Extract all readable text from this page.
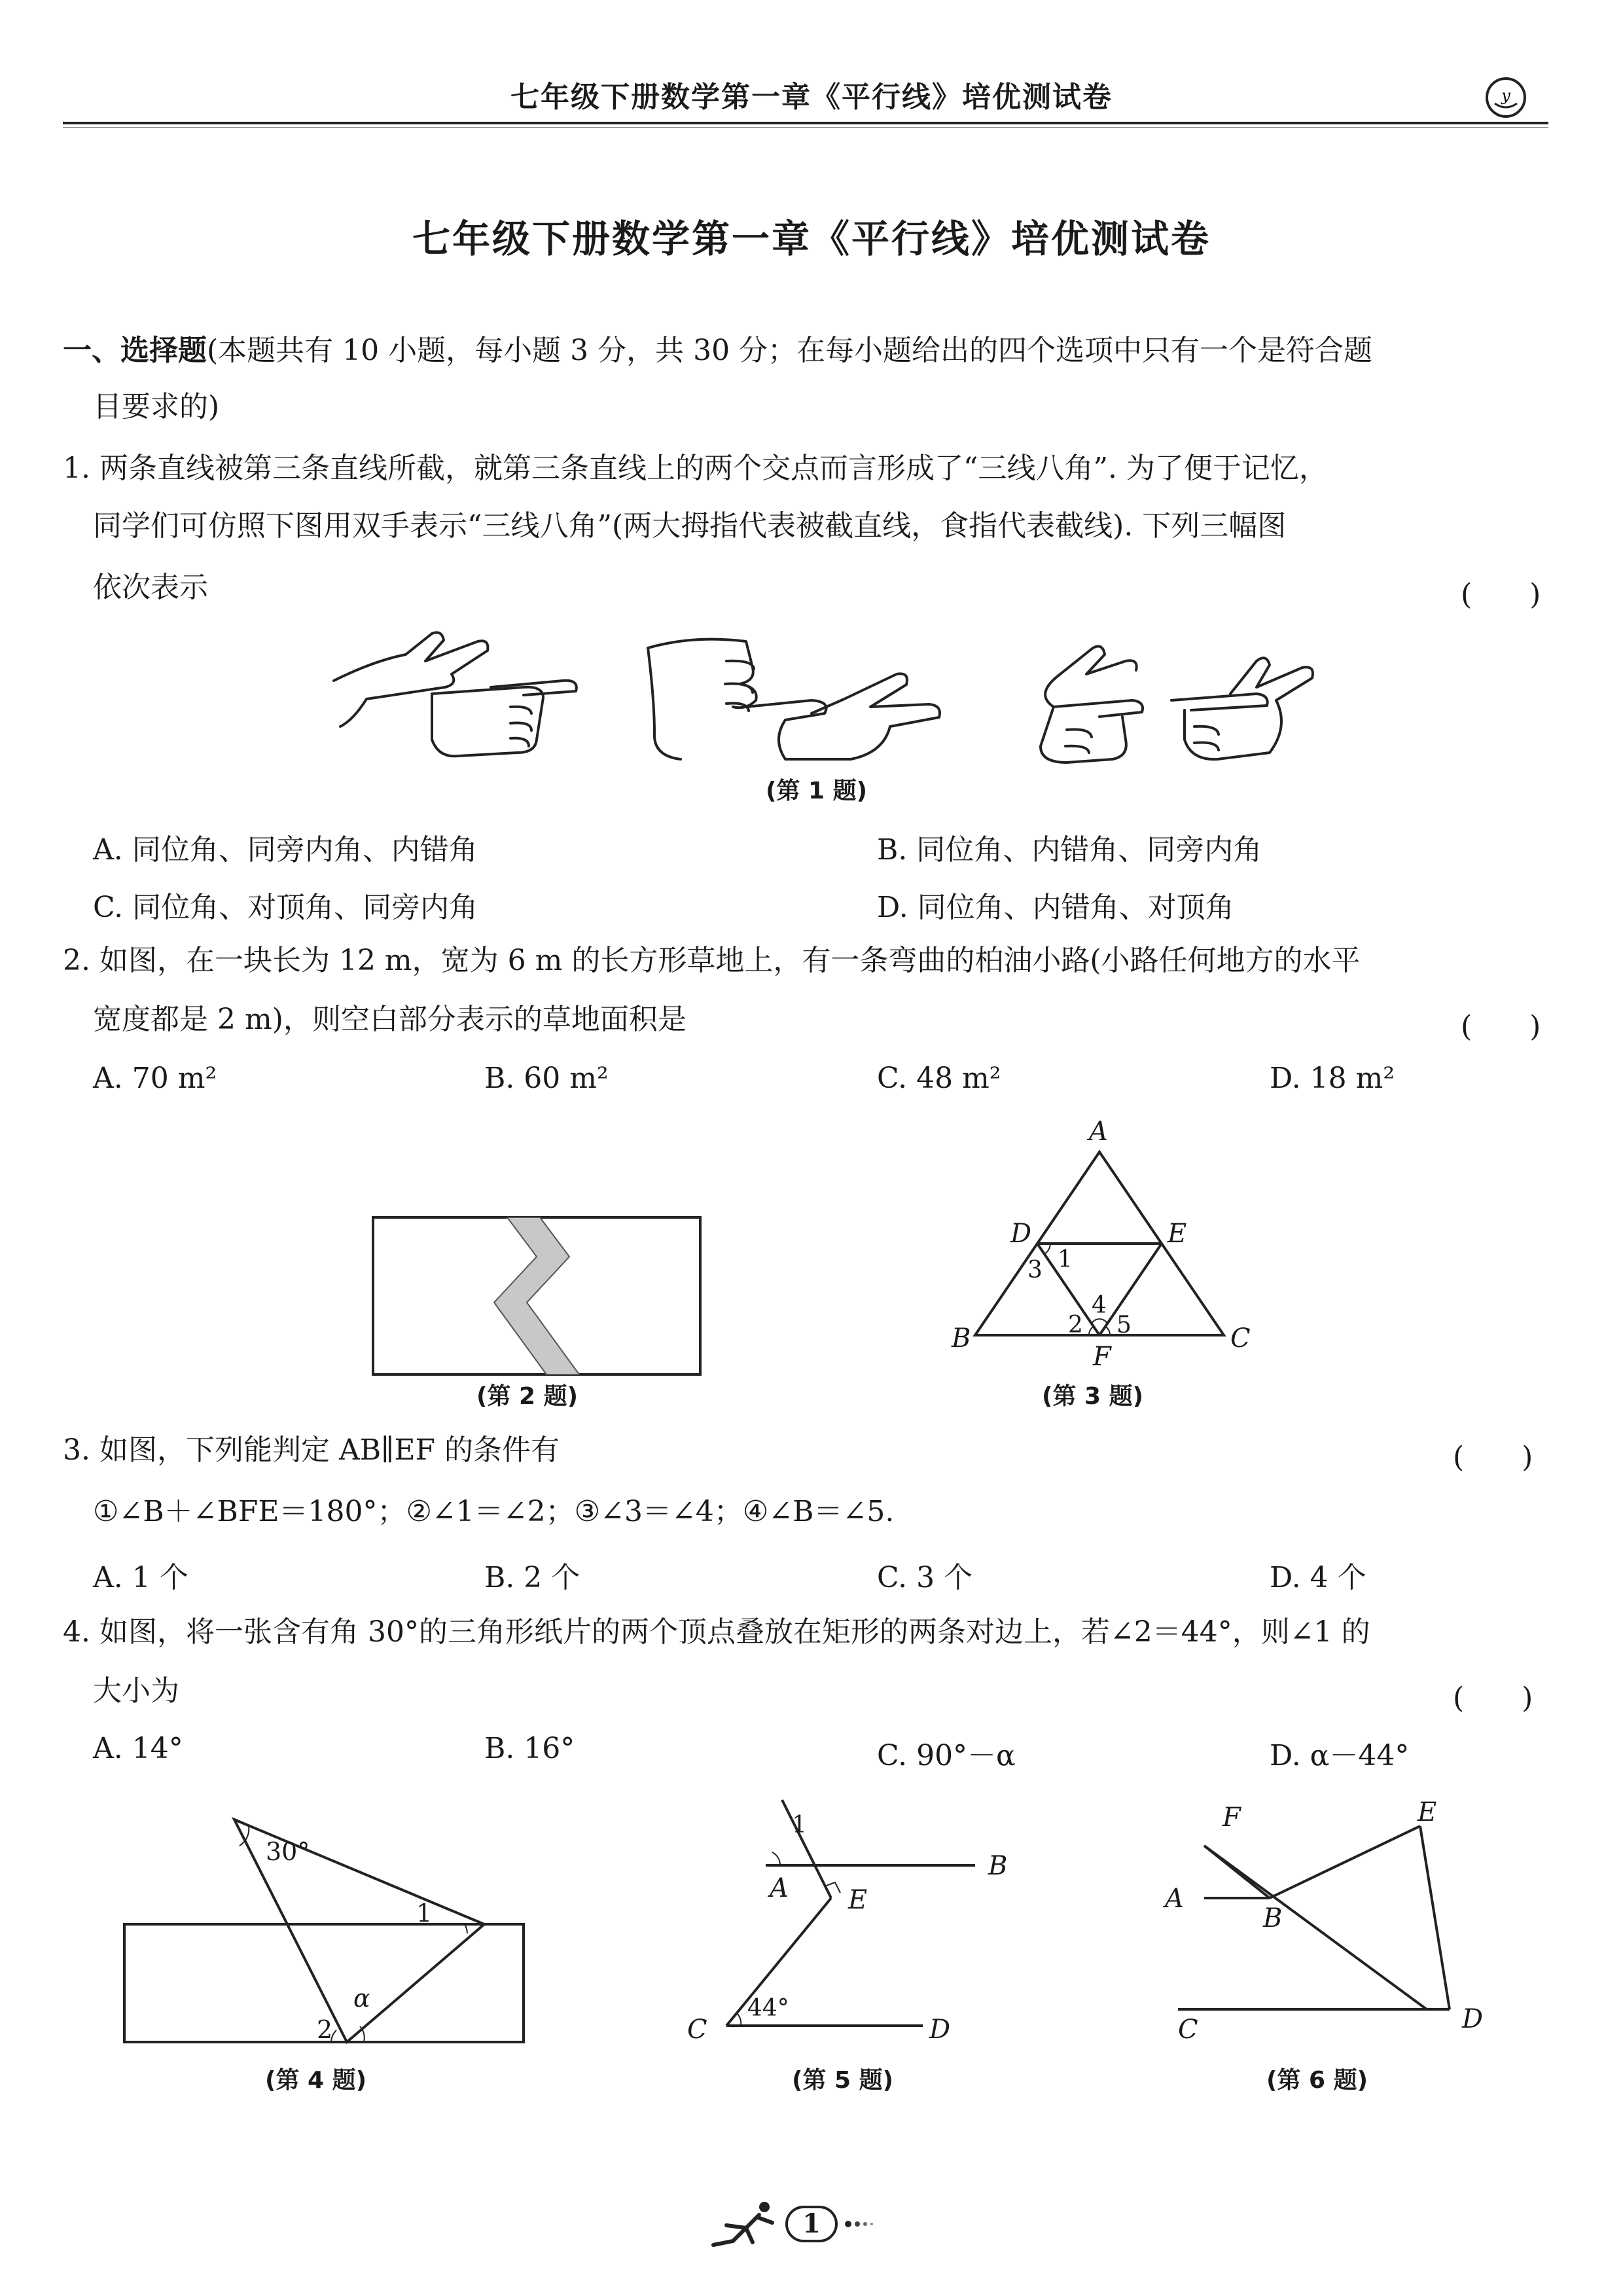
七年级下册数学第一章《平行线》培优测试卷	y
七年级下册数学第一章《平行线》培优测试卷
一、选择题(本题共有 10 小题，每小题 3 分，共 30 分；在每小题给出的四个选项中只有一个是符合题
目要求的)
1. 两条直线被第三条直线所截，就第三条直线上的两个交点而言形成了“三线八角”. 为了便于记忆，
同学们可仿照下图用双手表示“三线八角”(两大拇指代表被截直线，食指代表截线). 下列三幅图
依次表示	(　　)
(第 1 题)
A. 同位角、同旁内角、内错角	B. 同位角、内错角、同旁内角
C. 同位角、对顶角、同旁内角	D. 同位角、内错角、对顶角
2. 如图，在一块长为 12 m，宽为 6 m 的长方形草地上，有一条弯曲的柏油小路(小路任何地方的水平
宽度都是 2 m)，则空白部分表示的草地面积是	(　　)
A. 70 m²	B. 60 m²	C. 48 m²	D. 18 m²
(第 2 题)
A
B	C
D	E
F
1
3
2
4
5
(第 3 题)
3. 如图，下列能判定 AB∥EF 的条件有	(　　)
①∠B＋∠BFE＝180°；②∠1＝∠2；③∠3＝∠4；④∠B＝∠5.
A. 1 个	B. 2 个	C. 3 个	D. 4 个
4. 如图，将一张含有角 30°的三角形纸片的两个顶点叠放在矩形的两条对边上，若∠2＝44°，则∠1 的
大小为	(　　)
A. 14°	B. 16°	C. 90°－α	D. α－44°
30°
1
2
α
(第 4 题)
A
B
E
C	D
1
44°
(第 5 题)
F	E
A
B
C	D
(第 6 题)
1
